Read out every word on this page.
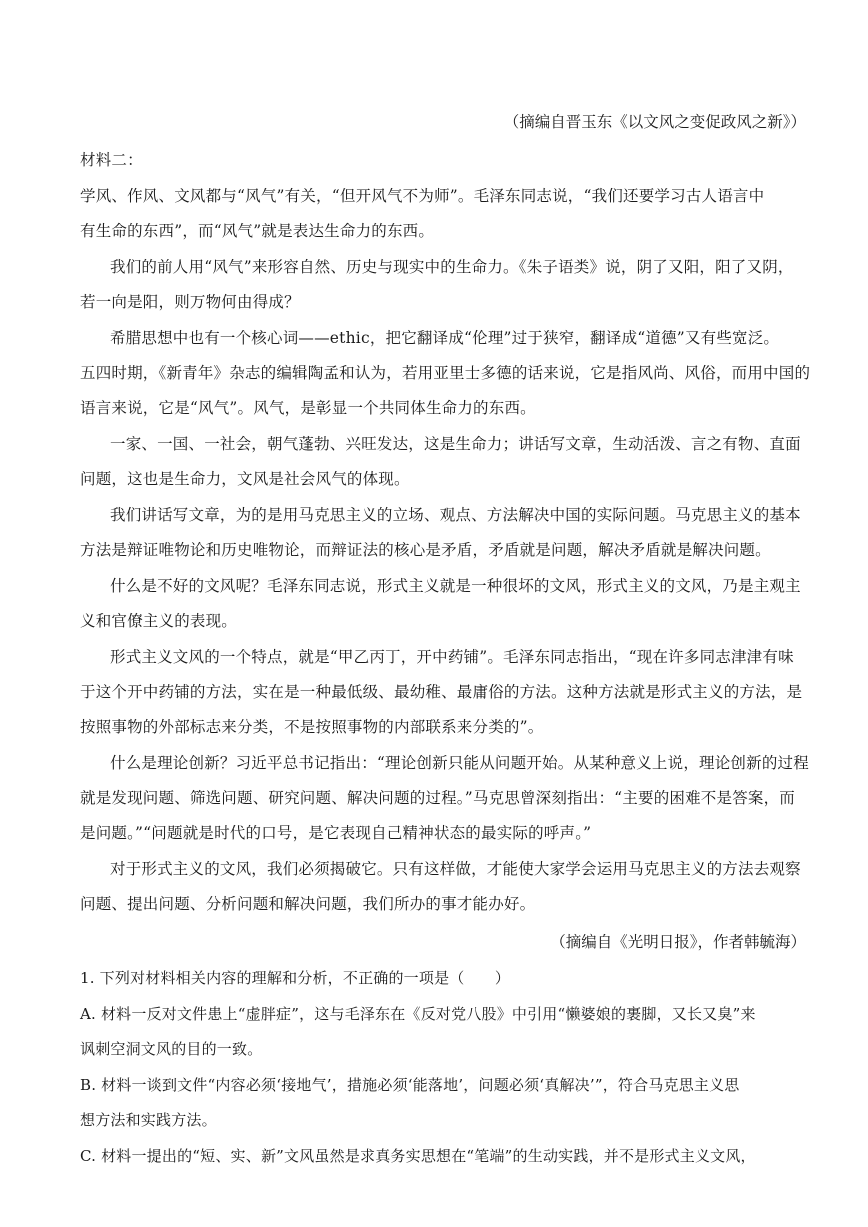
（摘编自晋玉东《以文风之变促政风之新》）
材料二：
学风、作风、文风都与“风气”有关，“但开风气不为师”。毛泽东同志说，“我们还要学习古人语言中
有生命的东西”，而“风气”就是表达生命力的东西。
我们的前人用“风气”来形容自然、历史与现实中的生命力。《朱子语类》说，阴了又阳，阳了又阴，
若一向是阳，则万物何由得成？
希腊思想中也有一个核心词——ethic，把它翻译成“伦理”过于狭窄，翻译成“道德”又有些宽泛。
五四时期，《新青年》杂志的编辑陶孟和认为，若用亚里士多德的话来说，它是指风尚、风俗，而用中国的
语言来说，它是“风气”。风气，是彰显一个共同体生命力的东西。
一家、一国、一社会，朝气蓬勃、兴旺发达，这是生命力；讲话写文章，生动活泼、言之有物、直面
问题，这也是生命力，文风是社会风气的体现。
我们讲话写文章，为的是用马克思主义的立场、观点、方法解决中国的实际问题。马克思主义的基本
方法是辩证唯物论和历史唯物论，而辩证法的核心是矛盾，矛盾就是问题，解决矛盾就是解决问题。
什么是不好的文风呢？毛泽东同志说，形式主义就是一种很坏的文风，形式主义的文风，乃是主观主
义和官僚主义的表现。
形式主义文风的一个特点，就是“甲乙丙丁，开中药铺”。毛泽东同志指出，“现在许多同志津津有味
于这个开中药铺的方法，实在是一种最低级、最幼稚、最庸俗的方法。这种方法就是形式主义的方法，是
按照事物的外部标志来分类，不是按照事物的内部联系来分类的”。
什么是理论创新？习近平总书记指出：“理论创新只能从问题开始。从某种意义上说，理论创新的过程
就是发现问题、筛选问题、研究问题、解决问题的过程。”马克思曾深刻指出：“主要的困难不是答案，而
是问题。”“问题就是时代的口号，是它表现自己精神状态的最实际的呼声。”
对于形式主义的文风，我们必须揭破它。只有这样做，才能使大家学会运用马克思主义的方法去观察
问题、提出问题、分析问题和解决问题，我们所办的事才能办好。
（摘编自《光明日报》，作者韩毓海）
1. 下列对材料相关内容的理解和分析，不正确的一项是（　　）
A. 材料一反对文件患上“虚胖症”，这与毛泽东在《反对党八股》中引用“懒婆娘的裹脚，又长又臭”来
讽刺空洞文风的目的一致。
B. 材料一谈到文件“内容必须‘接地气’，措施必须‘能落地’，问题必须‘真解决’”，符合马克思主义思
想方法和实践方法。
C. 材料一提出的“短、实、新”文风虽然是求真务实思想在“笔端”的生动实践，并不是形式主义文风，
